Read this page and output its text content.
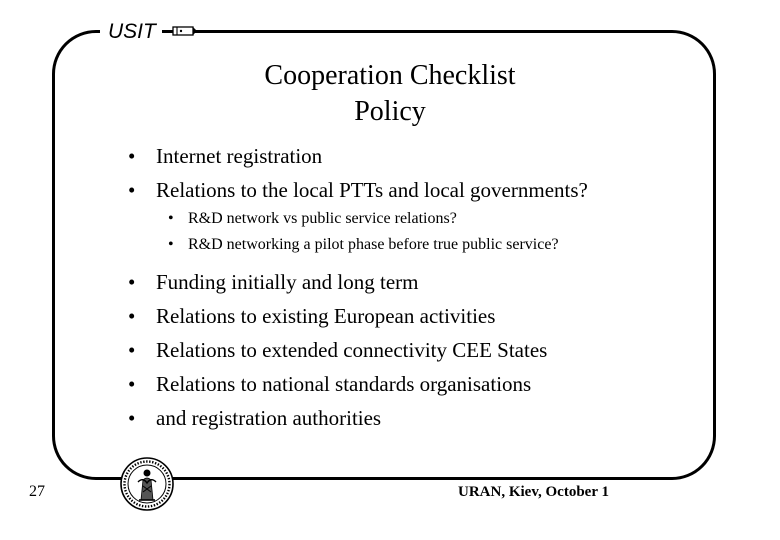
USIT
Cooperation Checklist
Policy
• Internet registration
• Relations to the local PTTs and local governments?
• R&D network vs public service relations?
• R&D networking a pilot phase before true public service?
• Funding initially and long term
• Relations to existing European activities
• Relations to extended connectivity CEE States
• Relations to national standards organisations
• and registration authorities
27	URAN, Kiev, October 1
